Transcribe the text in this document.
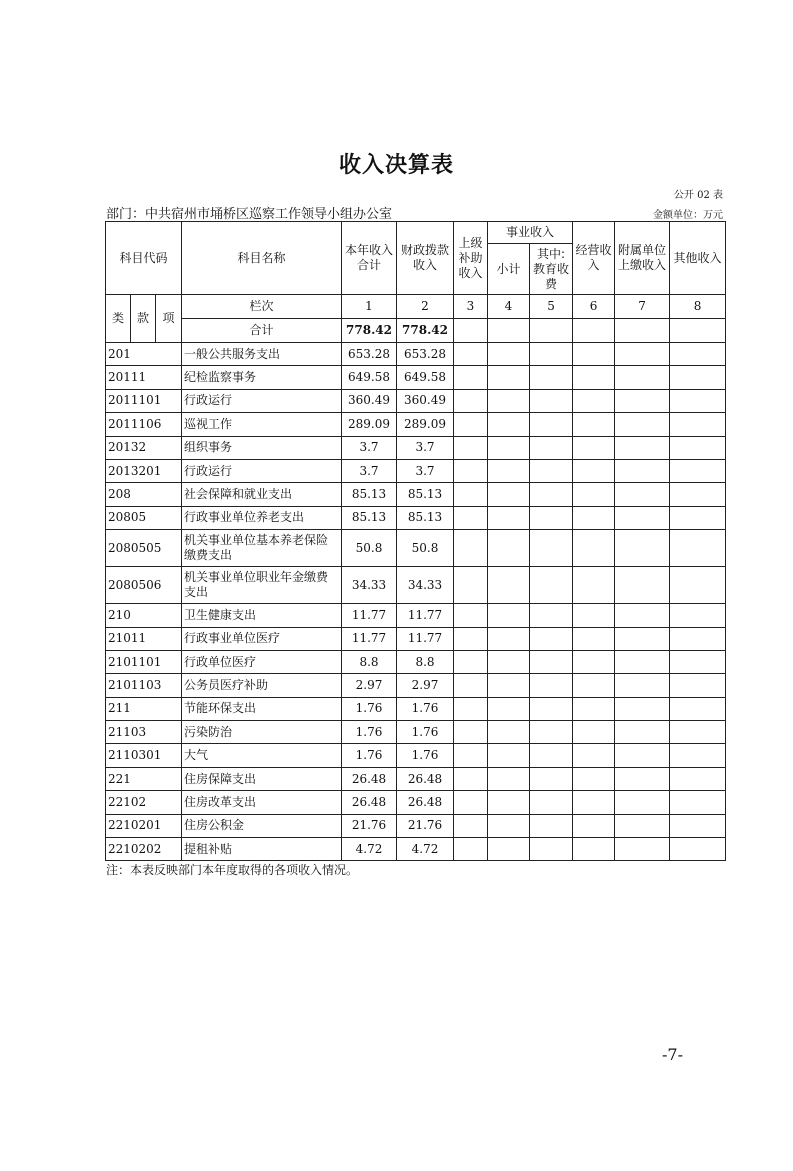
收入决算表
公开 02 表
部门：中共宿州市埇桥区巡察工作领导小组办公室	金额单位：万元
科目代码			科目名称	本年收入合计	财政拨款收入	上级补助收入	事业收入		经营收入	附属单位上缴收入	其他收入
							小计	其中:教育收费			
类	款	项	栏次	1	2	3	4	5	6	7	8
			合计	778.42	778.42						
201			一般公共服务支出	653.28	653.28						
20111			纪检监察事务	649.58	649.58						
2011101			行政运行	360.49	360.49						
2011106			巡视工作	289.09	289.09						
20132			组织事务	3.7	3.7						
2013201			行政运行	3.7	3.7						
208			社会保障和就业支出	85.13	85.13						
20805			行政事业单位养老支出	85.13	85.13						
2080505			机关事业单位基本养老保险缴费支出	50.8	50.8						
2080506			机关事业单位职业年金缴费支出	34.33	34.33						
210			卫生健康支出	11.77	11.77						
21011			行政事业单位医疗	11.77	11.77						
2101101			行政单位医疗	8.8	8.8						
2101103			公务员医疗补助	2.97	2.97						
211			节能环保支出	1.76	1.76						
21103			污染防治	1.76	1.76						
2110301			大气	1.76	1.76						
221			住房保障支出	26.48	26.48						
22102			住房改革支出	26.48	26.48						
2210201			住房公积金	21.76	21.76						
2210202			提租补贴	4.72	4.72						
注：本表反映部门本年度取得的各项收入情况。
-7-
